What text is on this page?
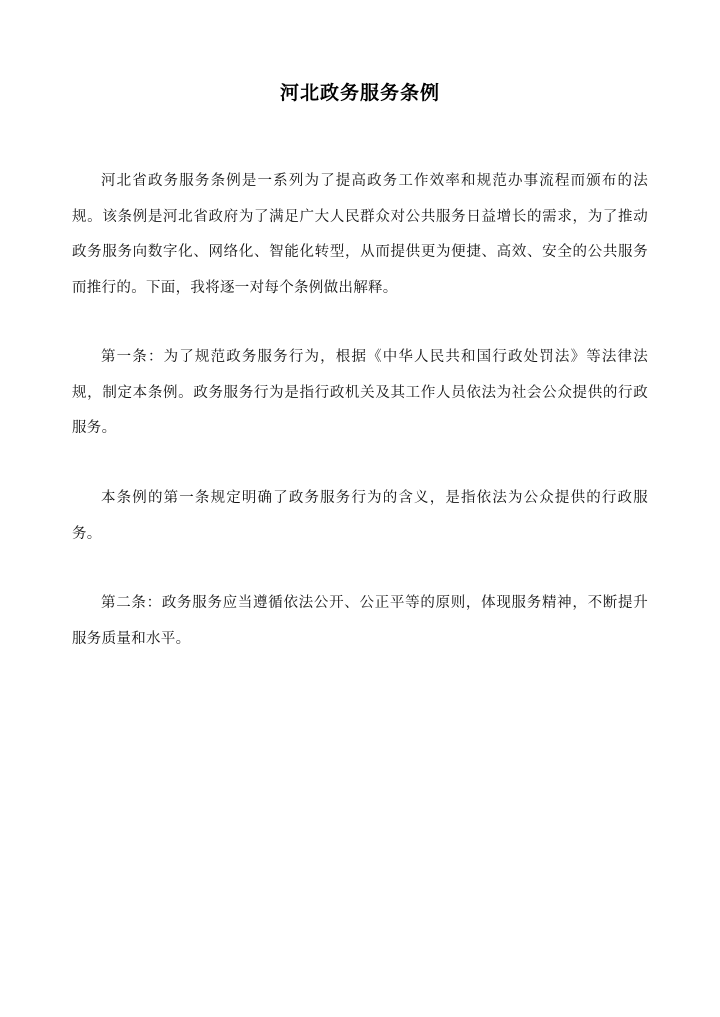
河北政务服务条例

河北省政务服务条例是一系列为了提高政务工作效率和规范办事流程而颁布的法规。该条例是河北省政府为了满足广大人民群众对公共服务日益增长的需求，为了推动政务服务向数字化、网络化、智能化转型，从而提供更为便捷、高效、安全的公共服务而推行的。下面，我将逐一对每个条例做出解释。

第一条：为了规范政务服务行为，根据《中华人民共和国行政处罚法》等法律法规，制定本条例。政务服务行为是指行政机关及其工作人员依法为社会公众提供的行政服务。

本条例的第一条规定明确了政务服务行为的含义，是指依法为公众提供的行政服务。

第二条：政务服务应当遵循依法公开、公正平等的原则，体现服务精神，不断提升服务质量和水平。
